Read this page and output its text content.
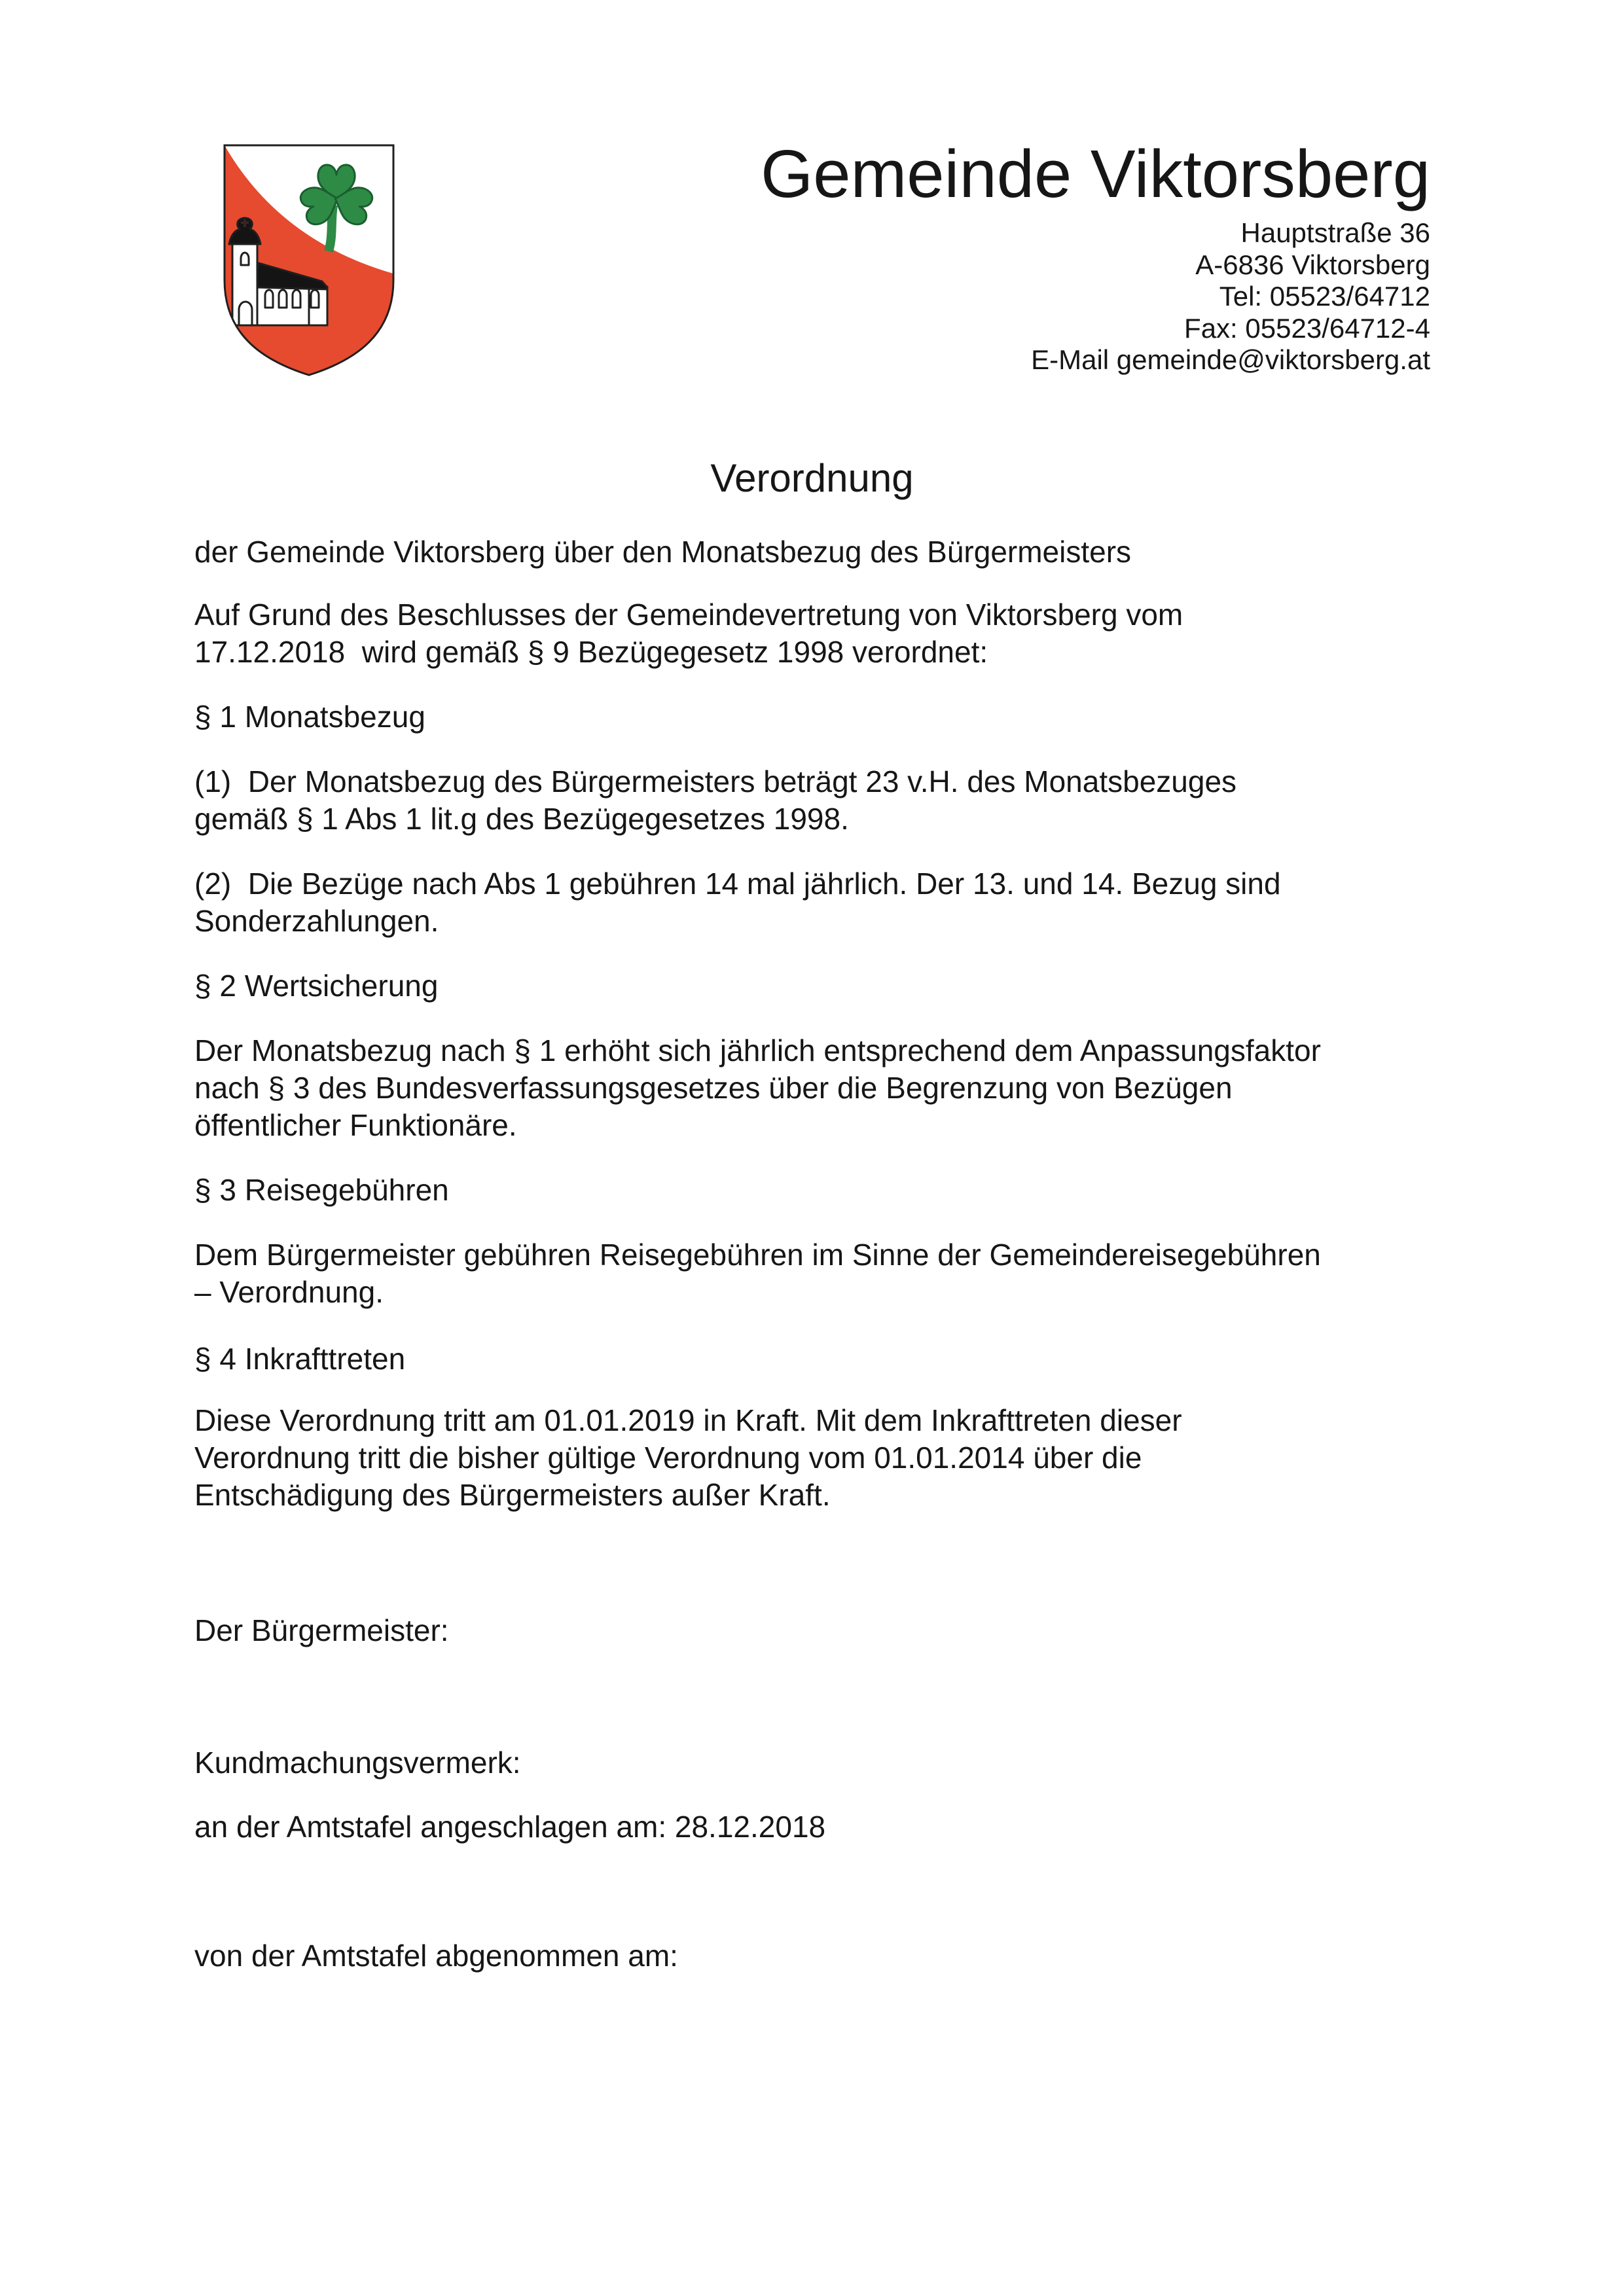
Gemeinde Viktorsberg
Hauptstraße 36
A-6836 Viktorsberg
Tel: 05523/64712
Fax: 05523/64712-4
E-Mail gemeinde@viktorsberg.at
Verordnung
der Gemeinde Viktorsberg über den Monatsbezug des Bürgermeisters
Auf Grund des Beschlusses der Gemeindevertretung von Viktorsberg vom
17.12.2018  wird gemäß § 9 Bezügegesetz 1998 verordnet:
§ 1 Monatsbezug
(1)  Der Monatsbezug des Bürgermeisters beträgt 23 v.H. des Monatsbezuges
gemäß § 1 Abs 1 lit.g des Bezügegesetzes 1998.
(2)  Die Bezüge nach Abs 1 gebühren 14 mal jährlich. Der 13. und 14. Bezug sind
Sonderzahlungen.
§ 2 Wertsicherung
Der Monatsbezug nach § 1 erhöht sich jährlich entsprechend dem Anpassungsfaktor
nach § 3 des Bundesverfassungsgesetzes über die Begrenzung von Bezügen
öffentlicher Funktionäre.
§ 3 Reisegebühren
Dem Bürgermeister gebühren Reisegebühren im Sinne der Gemeindereisegebühren
– Verordnung.
§ 4 Inkrafttreten
Diese Verordnung tritt am 01.01.2019 in Kraft. Mit dem Inkrafttreten dieser
Verordnung tritt die bisher gültige Verordnung vom 01.01.2014 über die
Entschädigung des Bürgermeisters außer Kraft.
Der Bürgermeister:
Kundmachungsvermerk:
an der Amtstafel angeschlagen am: 28.12.2018
von der Amtstafel abgenommen am:
